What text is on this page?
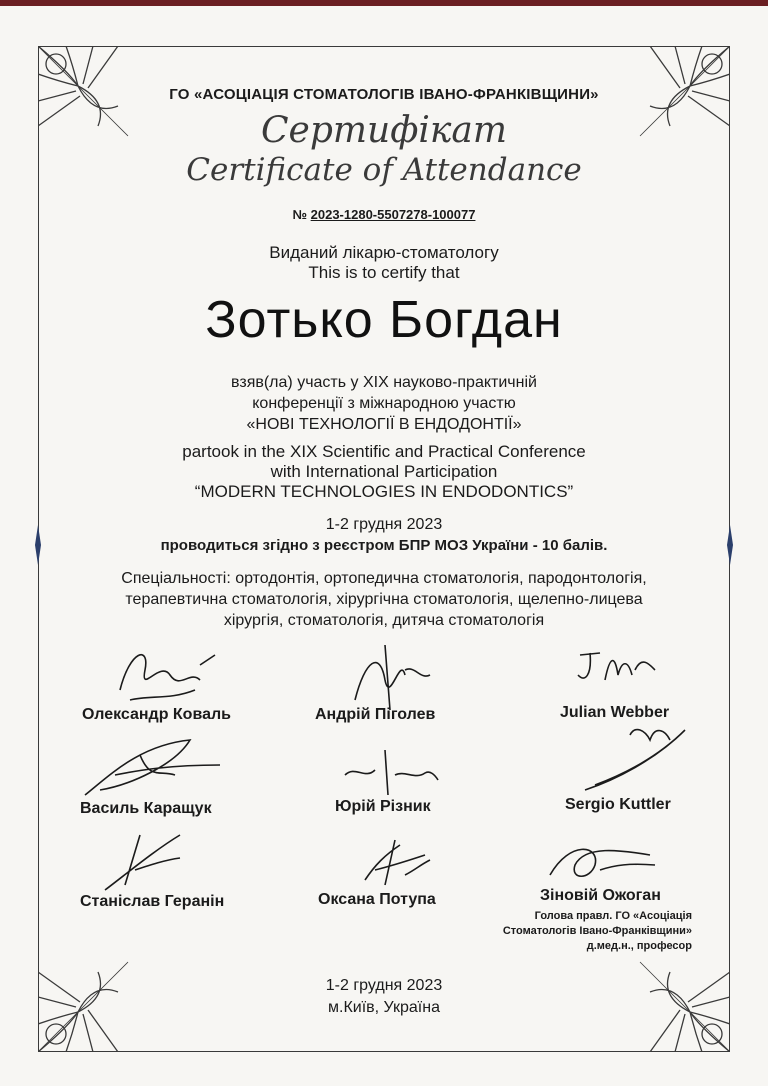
ГО «АСОЦІАЦІЯ СТОМАТОЛОГІВ ІВАНО-ФРАНКІВЩИНИ»
Сертифікат
Certificate of Attendance
№ 2023-1280-5507278-100077
Виданий лікарю-стоматологу
This is to certify that
Зотько Богдан
взяв(ла) участь у XIX науково-практичній
конференції з міжнародною участю
«НОВІ ТЕХНОЛОГІЇ В ЕНДОДОНТІЇ»
partook in the XIX Scientific and Practical Conference
with International Participation
“MODERN TECHNOLOGIES IN ENDODONTICS”
1-2 грудня 2023
проводиться згідно з реєстром БПР МОЗ України - 10 балів.
Спеціальності: ортодонтія, ортопедична стоматологія, пародонтологія,
терапевтична стоматологія, хірургічна стоматологія, щелепно-лицева
хірургія, стоматологія, дитяча стоматологія
Олександр Коваль	Андрій Піголев	Julian Webber
Василь Каращук	Юрій Різник	Sergio Kuttler
Станіслав Геранін	Оксана Потупа	Зіновій Ожоган
Голова правл. ГО «Асоціація
Стоматологів Івано-Франківщини»
д.мед.н., професор
1-2 грудня 2023
м.Київ, Україна
